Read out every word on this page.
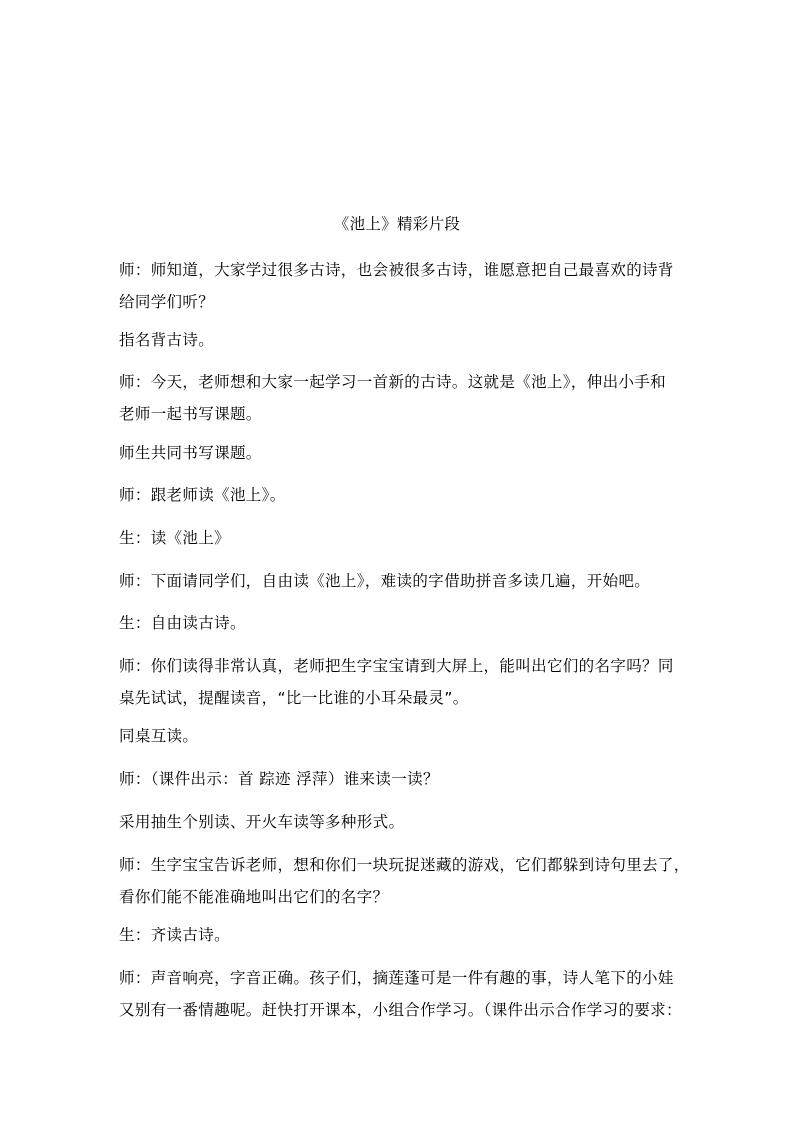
《池上》精彩片段
师：师知道，大家学过很多古诗，也会被很多古诗，谁愿意把自己最喜欢的诗背
给同学们听？
指名背古诗。
师：今天，老师想和大家一起学习一首新的古诗。这就是《池上》，伸出小手和
老师一起书写课题。
师生共同书写课题。
师：跟老师读《池上》。
生：读《池上》
师：下面请同学们，自由读《池上》，难读的字借助拼音多读几遍，开始吧。
生：自由读古诗。
师：你们读得非常认真，老师把生字宝宝请到大屏上，能叫出它们的名字吗？同
桌先试试，提醒读音，“比一比谁的小耳朵最灵”。
同桌互读。
师：（课件出示：首 踪迹 浮萍）谁来读一读？
采用抽生个别读、开火车读等多种形式。
师：生字宝宝告诉老师，想和你们一块玩捉迷藏的游戏，它们都躲到诗句里去了，
看你们能不能准确地叫出它们的名字？
生：齐读古诗。
师：声音响亮，字音正确。孩子们，摘莲蓬可是一件有趣的事，诗人笔下的小娃
又别有一番情趣呢。赶快打开课本，小组合作学习。（课件出示合作学习的要求：
